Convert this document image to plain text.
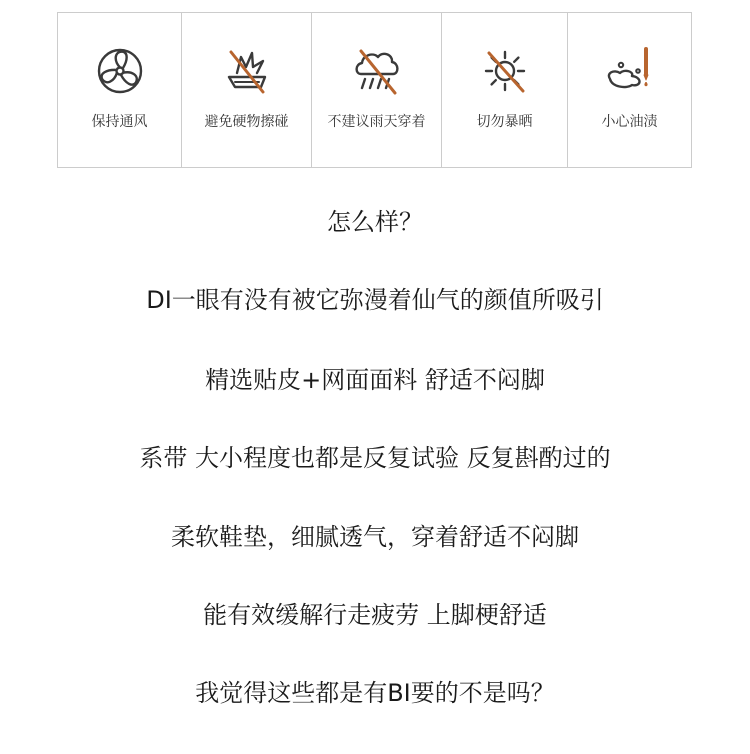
保持通风	避免硬物擦碰	不建议雨天穿着	切勿暴晒	小心油渍
怎么样？
DI一眼有没有被它弥漫着仙气的颜值所吸引
精选贴皮+网面面料 舒适不闷脚
系带 大小程度也都是反复试验 反复斟酌过的
柔软鞋垫，细腻透气，穿着舒适不闷脚
能有效缓解行走疲劳 上脚梗舒适
我觉得这些都是有BI要的不是吗？
